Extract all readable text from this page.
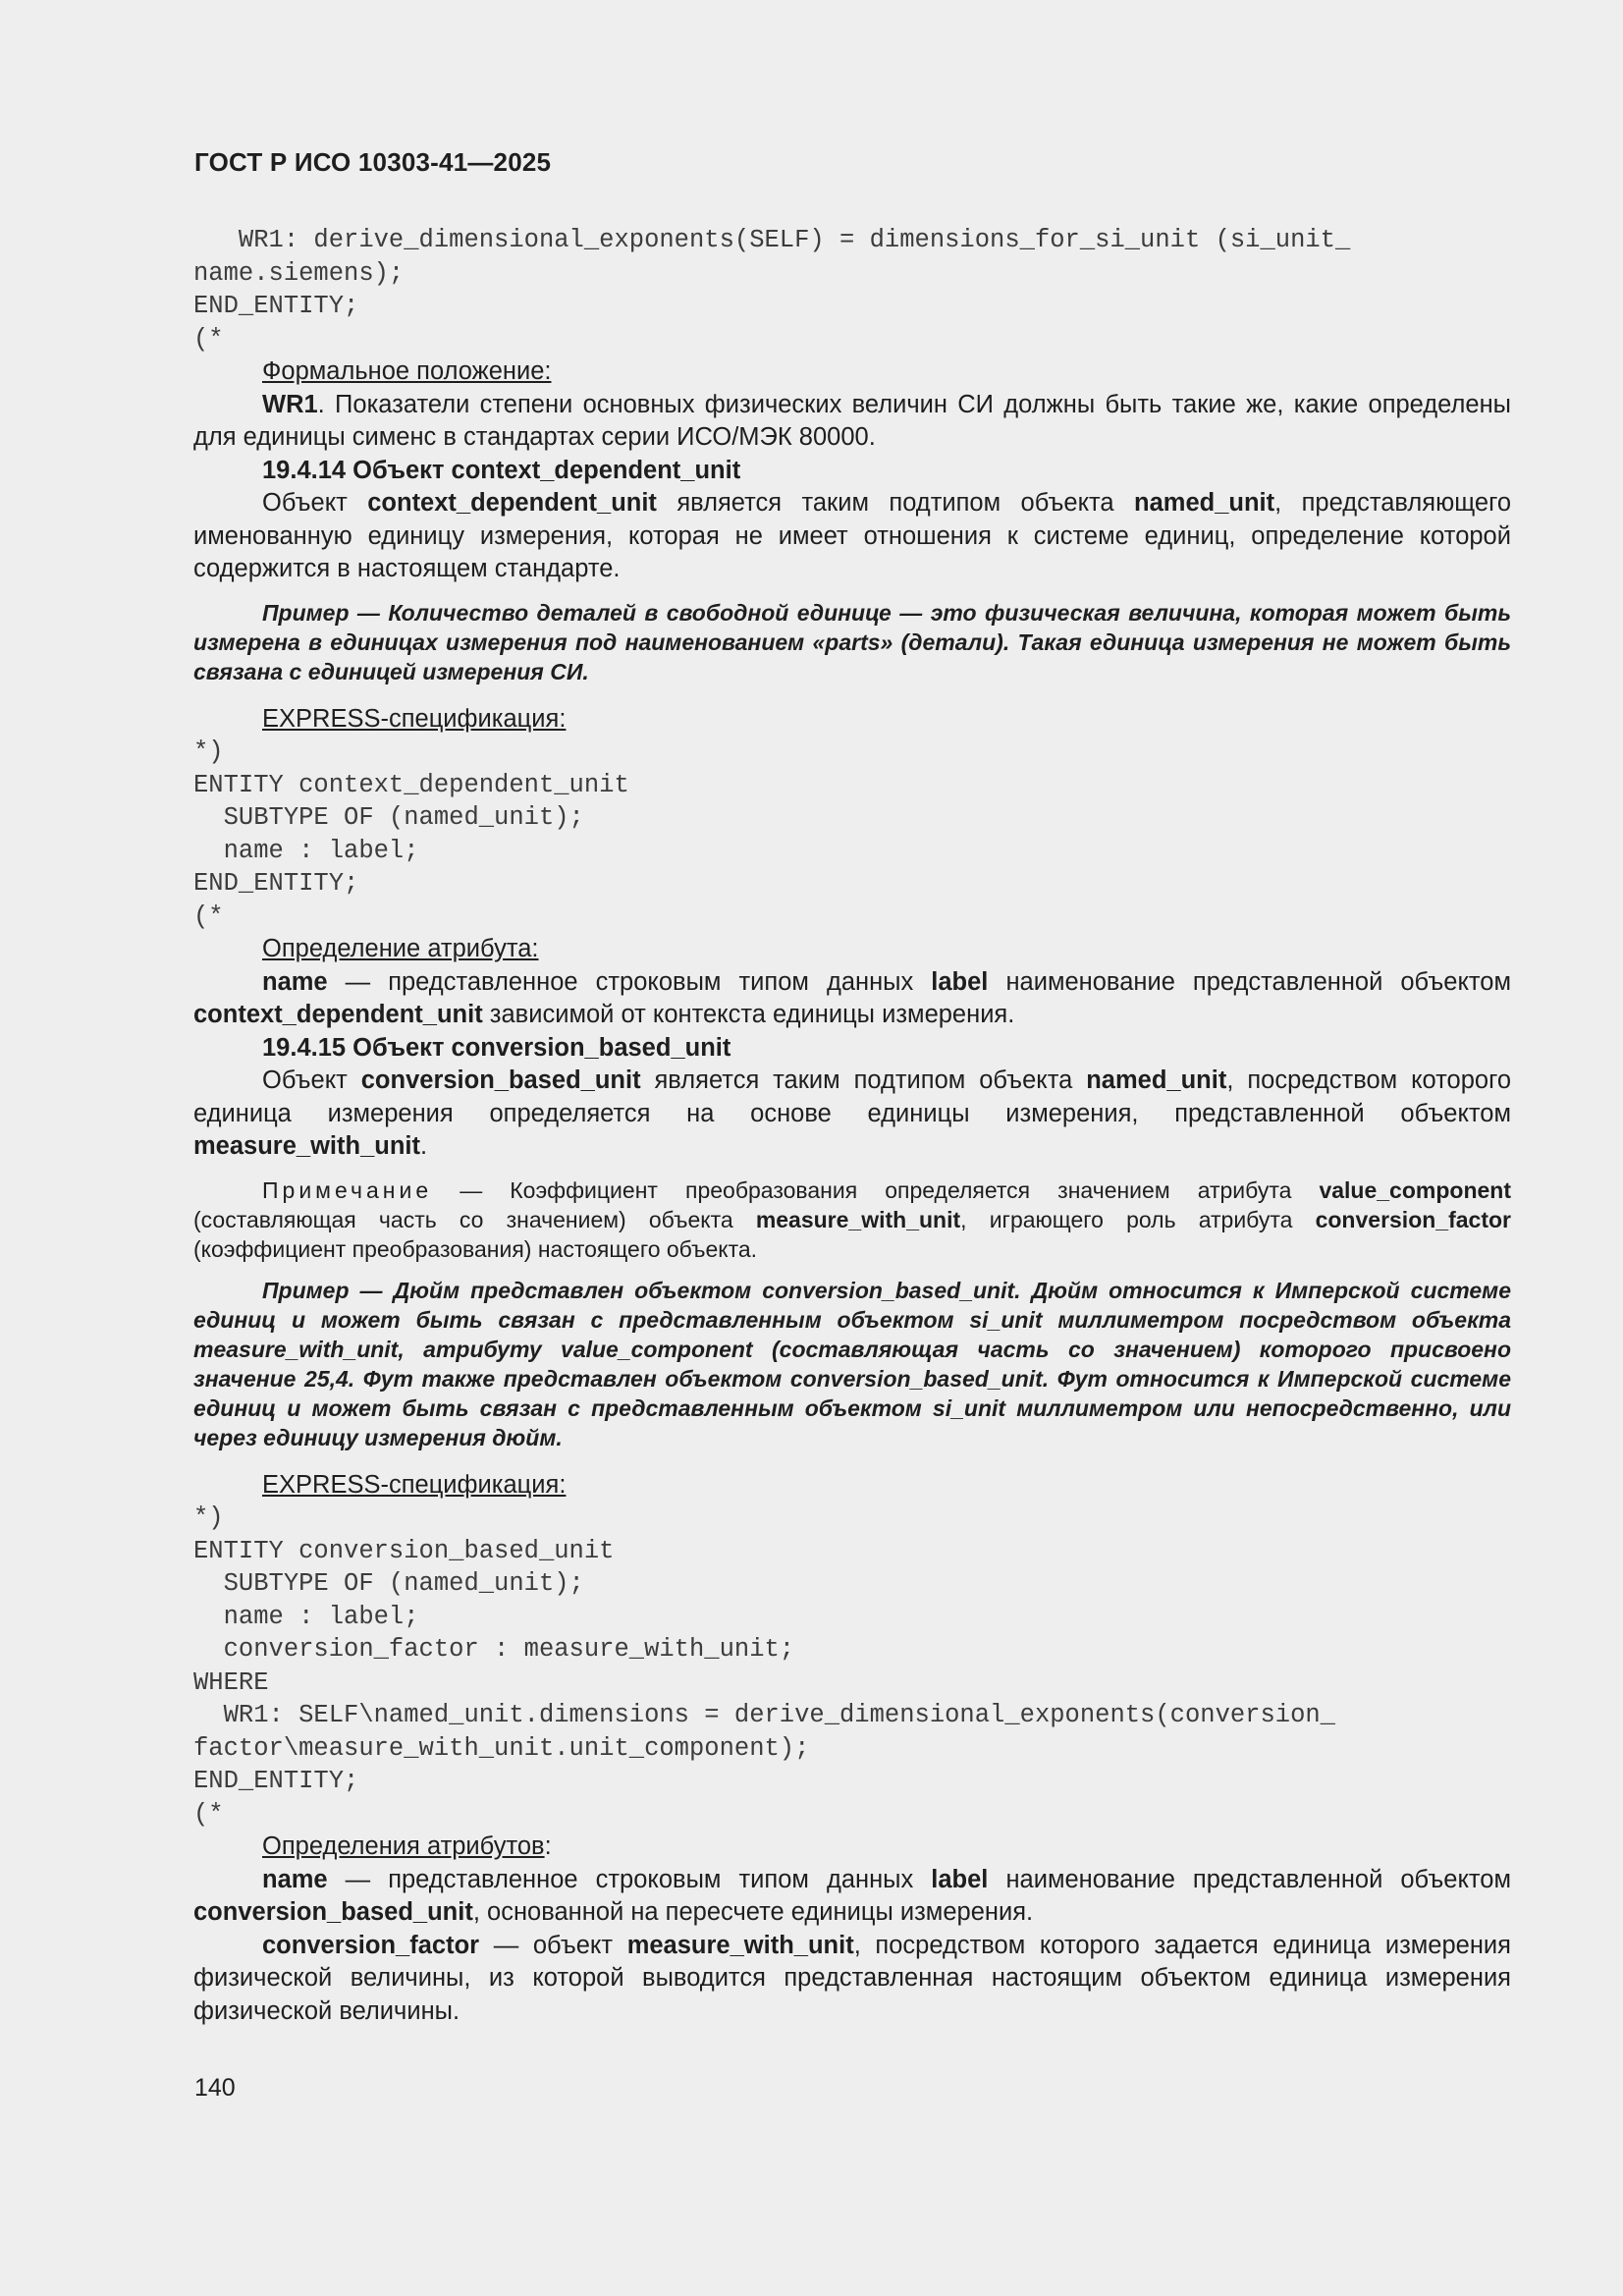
ГОСТ Р ИСО 10303-41—2025
WR1: derive_dimensional_exponents(SELF) = dimensions_for_si_unit (si_unit_
name.siemens);
END_ENTITY;
(*

Формальное положение:

WR1. Показатели степени основных физических величин СИ должны быть такие же, какие определены для единицы сименс в стандартах серии ИСО/МЭК 80000.

19.4.14 Объект context_dependent_unit

Объект context_dependent_unit является таким подтипом объекта named_unit, представляющего именованную единицу измерения, которая не имеет отношения к системе единиц, определение которой содержится в настоящем стандарте.

Пример — Количество деталей в свободной единице — это физическая величина, которая может быть измерена в единицах измерения под наименованием «parts» (детали). Такая единица измерения не может быть связана с единицей измерения СИ.

EXPRESS-спецификация:

*)
ENTITY context_dependent_unit
SUBTYPE OF (named_unit);
name : label;
END_ENTITY;
(*

Определение атрибута:

name — представленное строковым типом данных label наименование представленной объектом context_dependent_unit зависимой от контекста единицы измерения.

19.4.15 Объект conversion_based_unit

Объект conversion_based_unit является таким подтипом объекта named_unit, посредством которого единица измерения определяется на основе единицы измерения, представленной объектом measure_with_unit.

Примечание — Коэффициент преобразования определяется значением атрибута value_component (составляющая часть со значением) объекта measure_with_unit, играющего роль атрибута conversion_factor (коэффициент преобразования) настоящего объекта.

Пример — Дюйм представлен объектом conversion_based_unit. Дюйм относится к Имперской системе единиц и может быть связан с представленным объектом si_unit миллиметром посредством объекта measure_with_unit, атрибуту value_component (составляющая часть со значением) которого присвоено значение 25,4. Фут также представлен объектом conversion_based_unit. Фут относится к Имперской системе единиц и может быть связан с представленным объектом si_unit миллиметром или непосредственно, или через единицу измерения дюйм.

EXPRESS-спецификация:

*)
ENTITY conversion_based_unit
SUBTYPE OF (named_unit);
name : label;
conversion_factor : measure_with_unit;
WHERE
WR1: SELF\named_unit.dimensions = derive_dimensional_exponents(conversion_
factor\measure_with_unit.unit_component);
END_ENTITY;
(*

Определения атрибутов:

name — представленное строковым типом данных label наименование представленной объектом conversion_based_unit, основанной на пересчете единицы измерения.

conversion_factor — объект measure_with_unit, посредством которого задается единица измерения физической величины, из которой выводится представленная настоящим объектом единица измерения физической величины.

140
